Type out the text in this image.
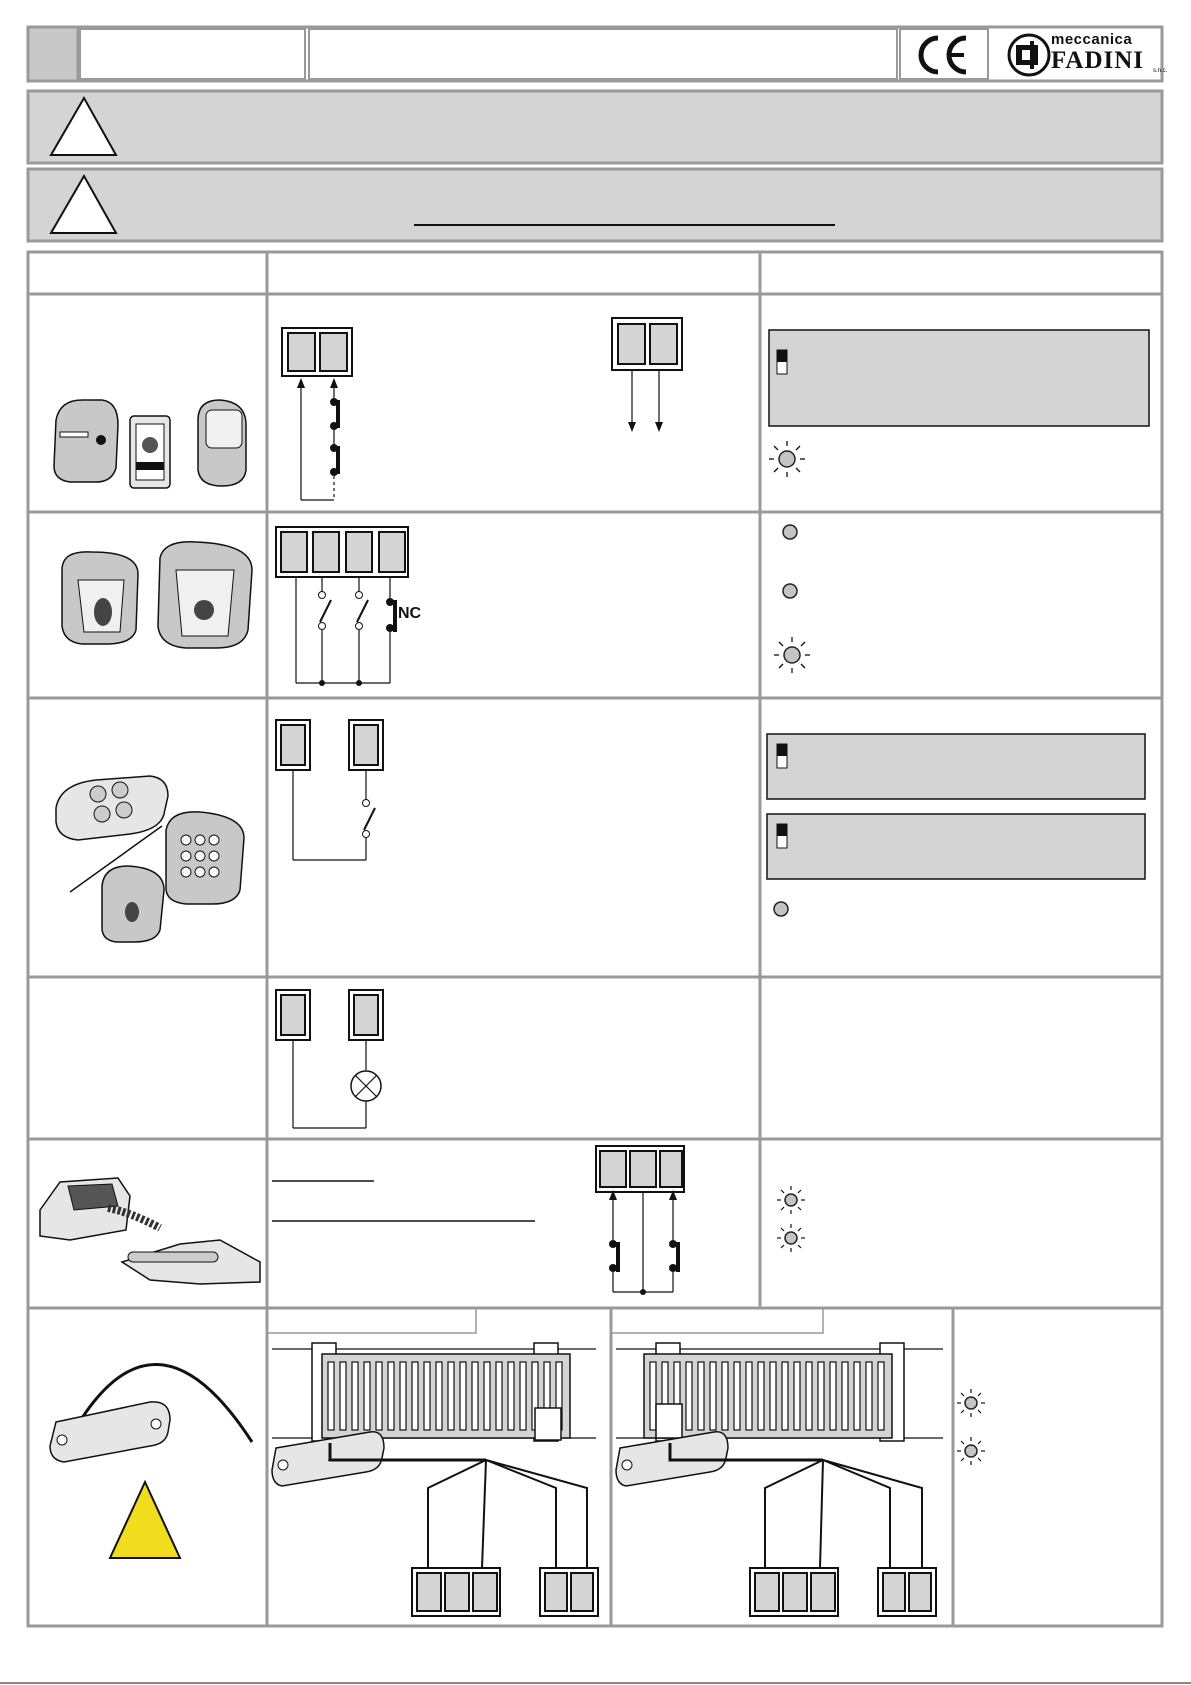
meccanica
FADINI s.n.c.
NC
